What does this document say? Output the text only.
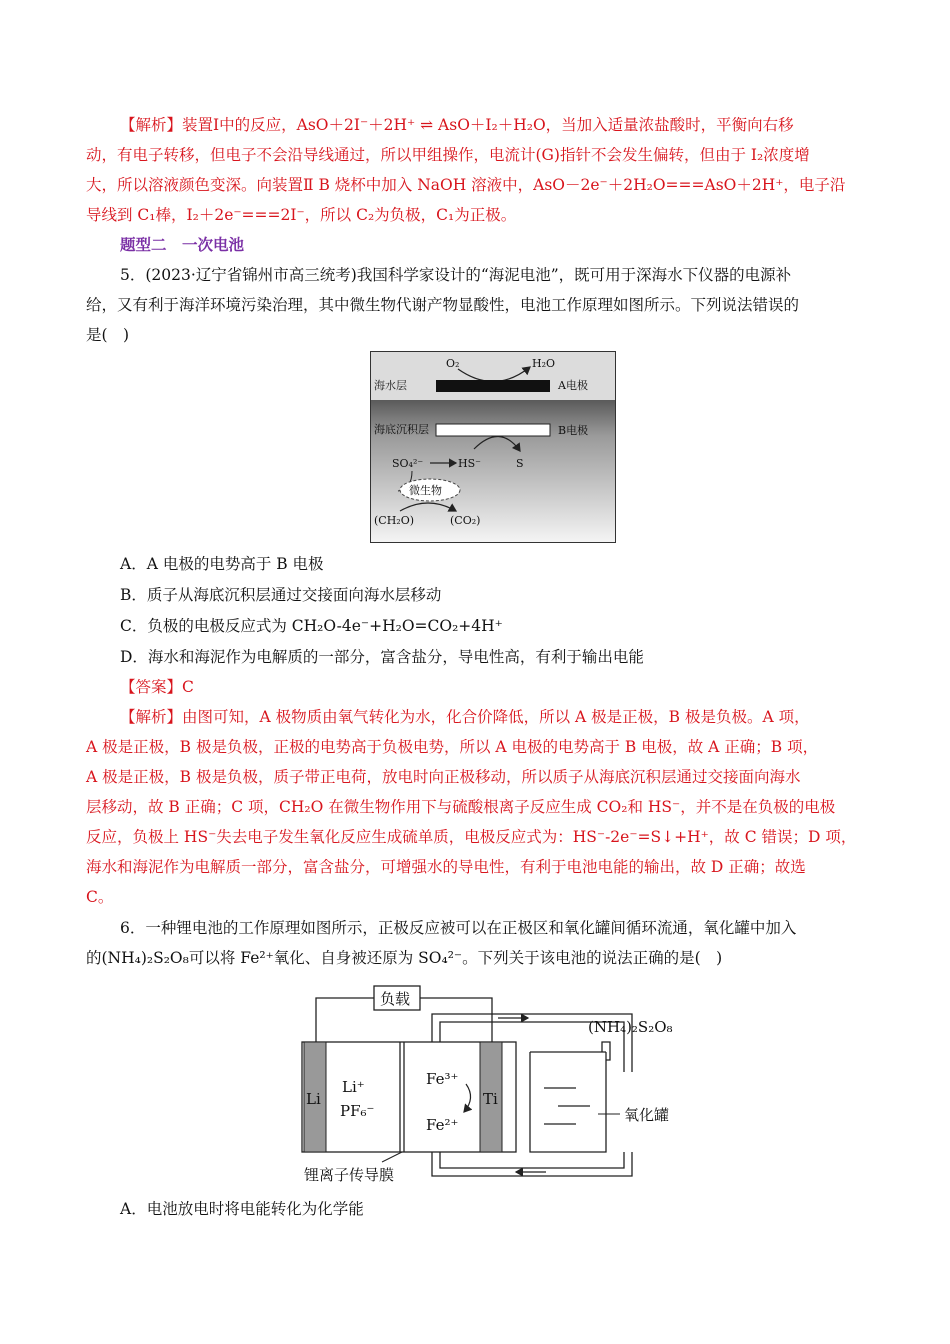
【解析】装置Ⅰ中的反应，AsO＋2I⁻＋2H⁺ ⇌ AsO＋I₂＋H₂O，当加入适量浓盐酸时，平衡向右移
动，有电子转移，但电子不会沿导线通过，所以甲组操作，电流计(G)指针不会发生偏转，但由于 I₂浓度增
大，所以溶液颜色变深。向装置Ⅱ B 烧杯中加入 NaOH 溶液中，AsO－2e⁻＋2H₂O===AsO＋2H⁺，电子沿
导线到 C₁棒，I₂＋2e⁻===2I⁻，所以 C₂为负极，C₁为正极。
题型二　一次电池
5．(2023·辽宁省锦州市高三统考)我国科学家设计的“海泥电池”，既可用于深海水下仪器的电源补
给，又有利于海洋环境污染治理，其中微生物代谢产物显酸性，电池工作原理如图所示。下列说法错误的
是(　)
O₂	H₂O
海水层	A电极
海底沉积层	B电极
SO₄²⁻	HS⁻	S
微生物
(CH₂O)	(CO₂)
A．A 电极的电势高于 B 电极
B．质子从海底沉积层通过交接面向海水层移动
C．负极的电极反应式为 CH₂O-4e⁻+H₂O=CO₂+4H⁺
D．海水和海泥作为电解质的一部分，富含盐分，导电性高，有利于输出电能
【答案】C
【解析】由图可知，A 极物质由氧气转化为水，化合价降低，所以 A 极是正极，B 极是负极。A 项，
A 极是正极，B 极是负极，正极的电势高于负极电势，所以 A 电极的电势高于 B 电极，故 A 正确；B 项，
A 极是正极，B 极是负极，质子带正电荷，放电时向正极移动，所以质子从海底沉积层通过交接面向海水
层移动，故 B 正确；C 项，CH₂O 在微生物作用下与硫酸根离子反应生成 CO₂和 HS⁻，并不是在负极的电极
反应，负极上 HS⁻失去电子发生氧化反应生成硫单质，电极反应式为：HS⁻-2e⁻=S↓+H⁺，故 C 错误；D 项，
海水和海泥作为电解质一部分，富含盐分，可增强水的导电性，有利于电池电能的输出，故 D 正确；故选
C。
6．一种锂电池的工作原理如图所示，正极反应被可以在正极区和氧化罐间循环流通，氧化罐中加入
的(NH₄)₂S₂O₈可以将 Fe²⁺氧化、自身被还原为 SO₄²⁻。下列关于该电池的说法正确的是(　)
负载
Li
Li⁺
PF₆⁻
Fe³⁺
Fe²⁺
Ti
(NH₄)₂S₂O₈
氧化罐
锂离子传导膜
A．电池放电时将电能转化为化学能
